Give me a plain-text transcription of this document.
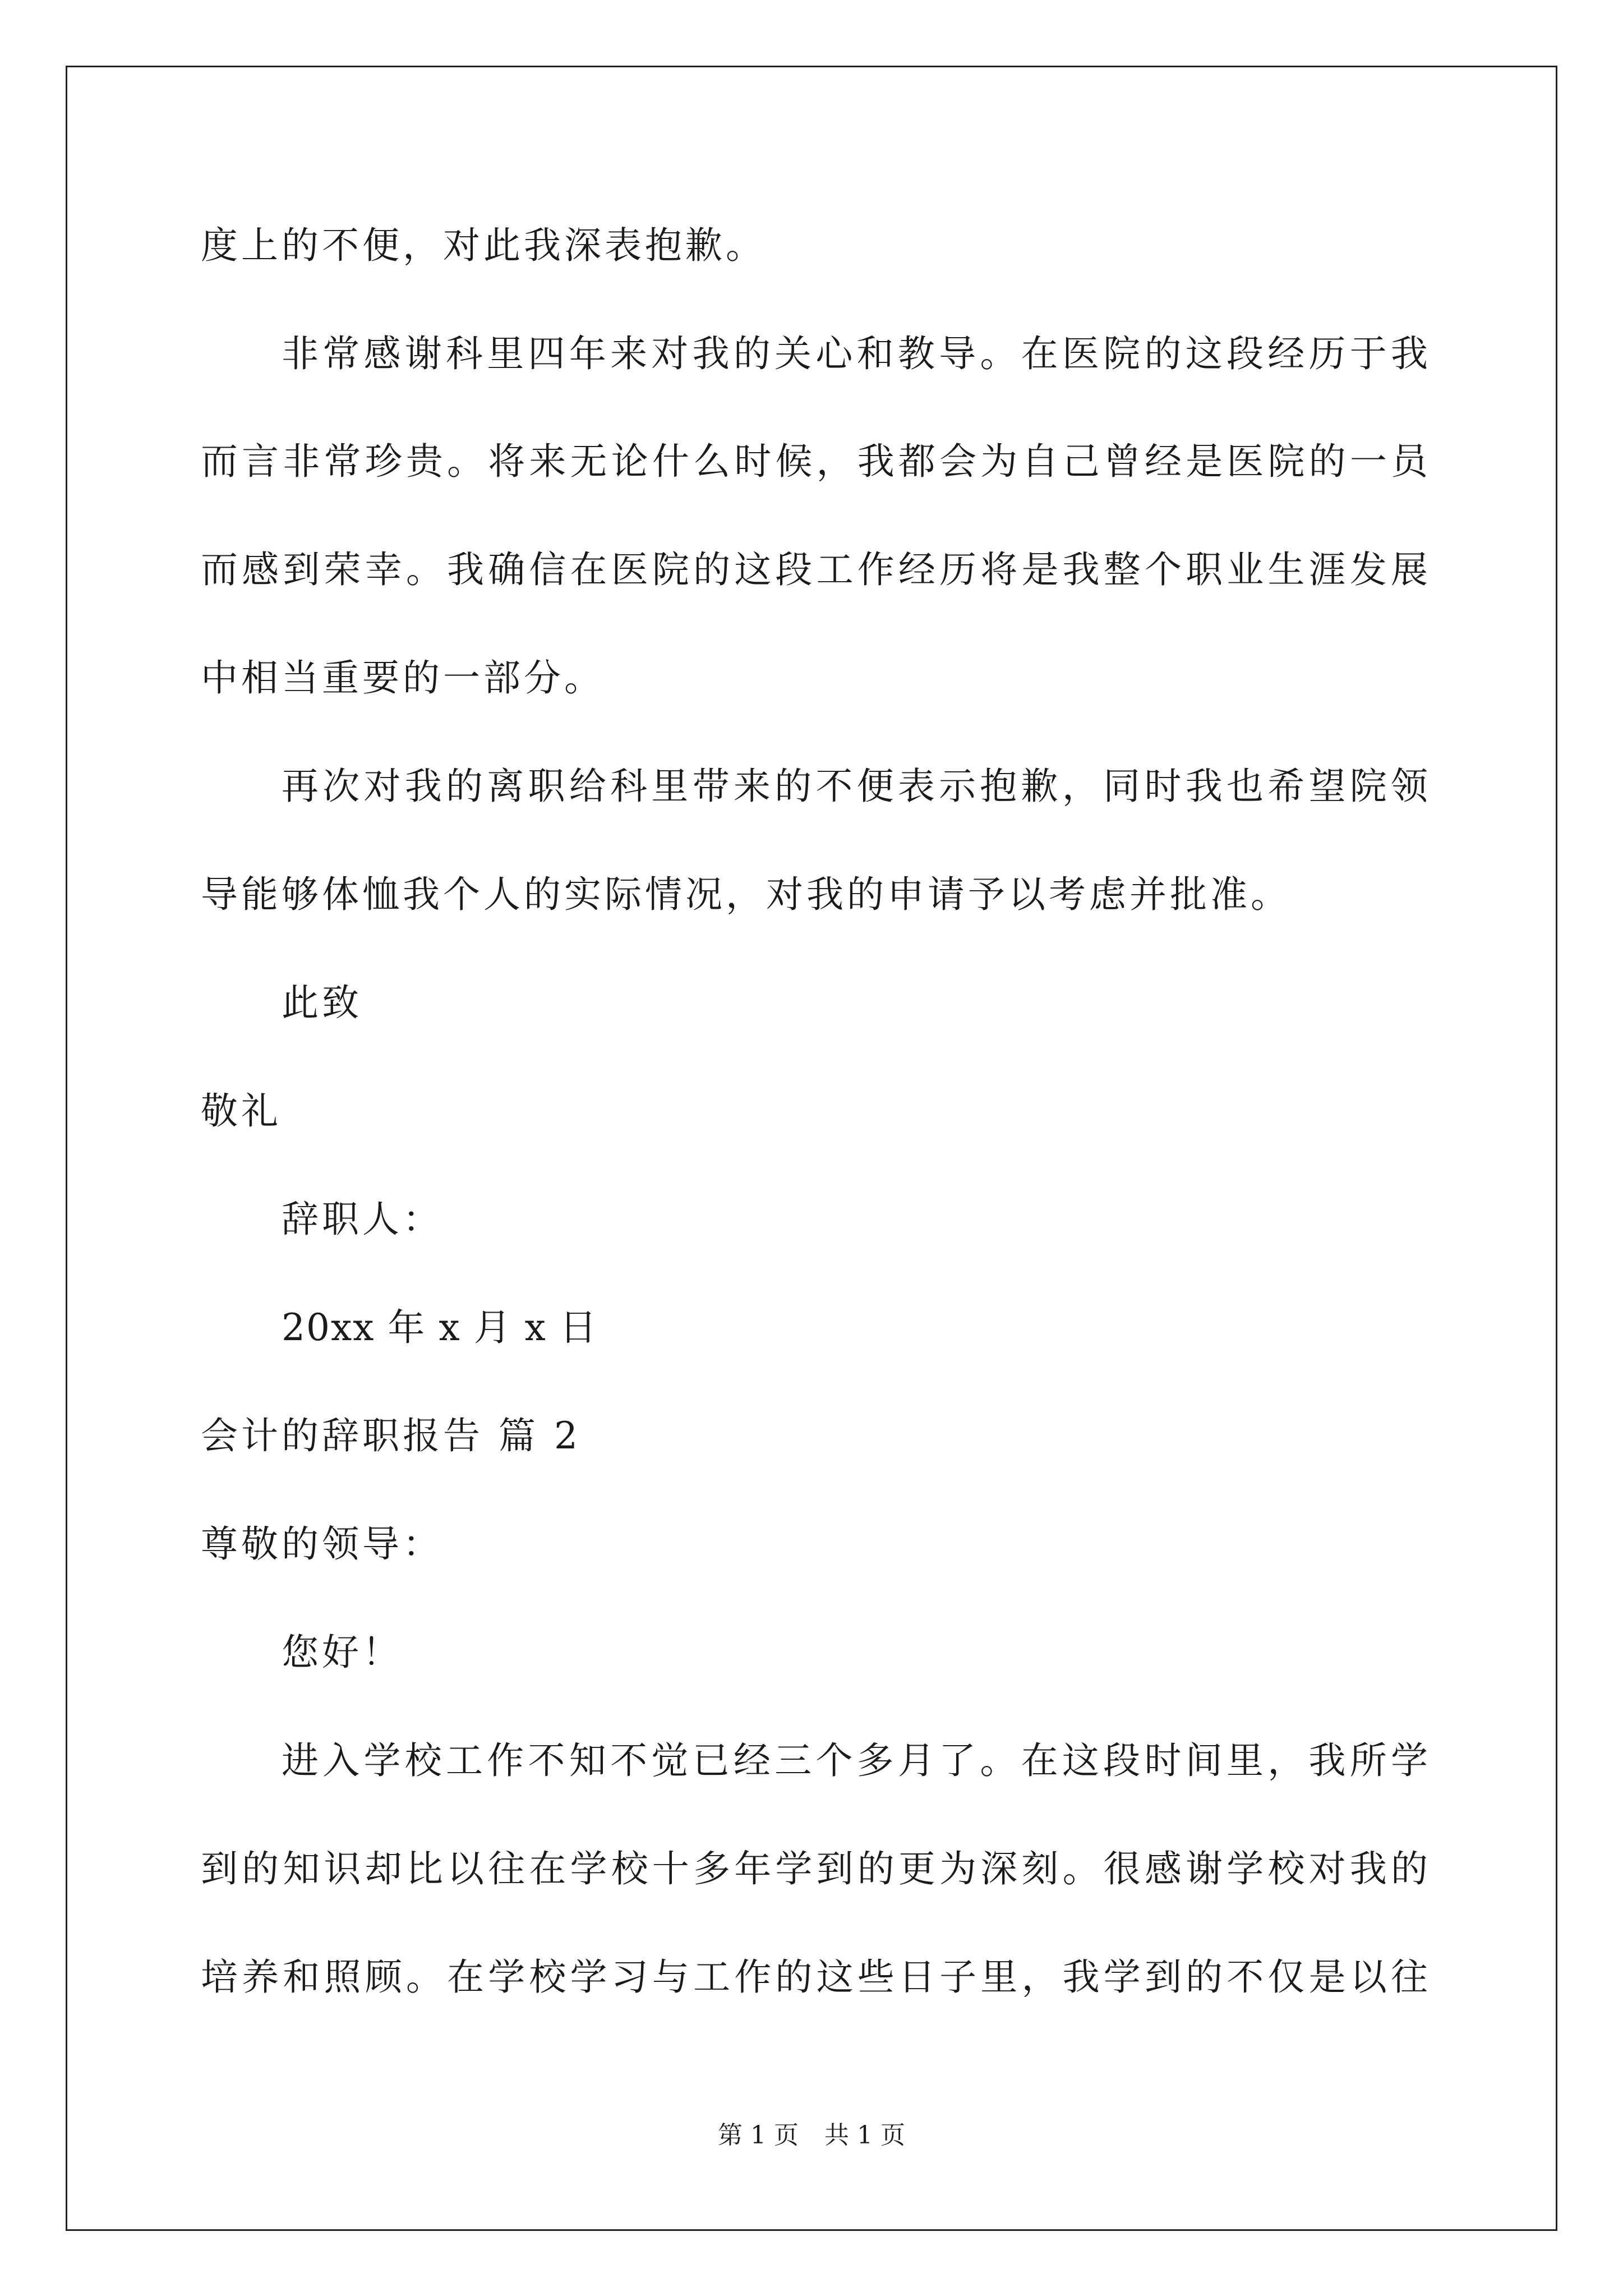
度上的不便，对此我深表抱歉。
非常感谢科里四年来对我的关心和教导。在医院的这段经历于我
而言非常珍贵。将来无论什么时候，我都会为自己曾经是医院的一员
而感到荣幸。我确信在医院的这段工作经历将是我整个职业生涯发展
中相当重要的一部分。
再次对我的离职给科里带来的不便表示抱歉，同时我也希望院领
导能够体恤我个人的实际情况，对我的申请予以考虑并批准。
此致
敬礼
辞职人：
20xx 年 x 月 x 日
会计的辞职报告 篇 2
尊敬的领导：
您好！
进入学校工作不知不觉已经三个多月了。在这段时间里，我所学
到的知识却比以往在学校十多年学到的更为深刻。很感谢学校对我的
培养和照顾。在学校学习与工作的这些日子里，我学到的不仅是以往
第 1 页 共 1 页
